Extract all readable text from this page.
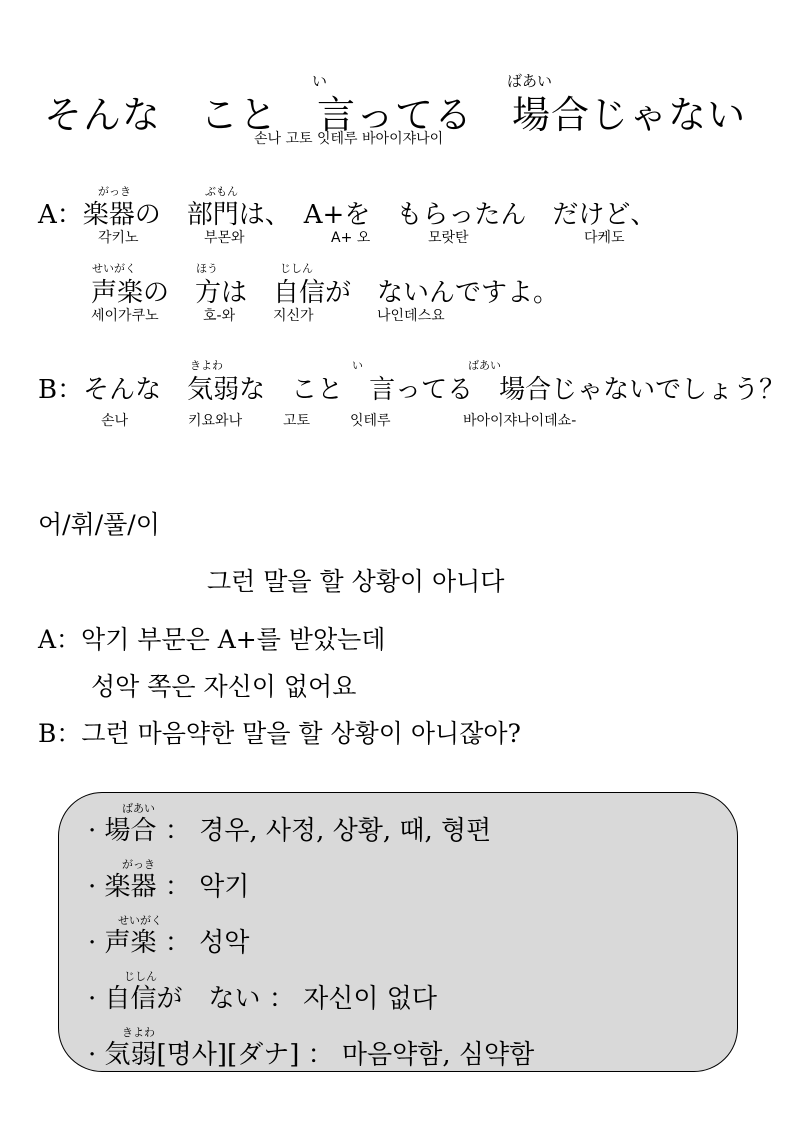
い	ばあい
そんな　こと　言ってる　場合じゃない
손나 고토 잇테루 바아이쟈나이
がっき	ぶもん
A：楽器の　部門は、　A+を　もらったん　だけど、
각키노	부몬와	A+ 오	모랏탄	다케도
せいがく	ほう	じしん
声楽の　方は　自信が　ないんですよ。
세이가쿠노	호-와	지신가	나인데스요
きよわ	い	ばあい
B：そんな　気弱な　こと　言ってる　場合じゃないでしょう？
손나	키요와나	고토	잇테루	바아이쟈나이데쇼-
어/휘/풀/이
그런 말을 할 상황이 아니다
A：악기 부문은 A+를 받았는데
성악 쪽은 자신이 없어요
B：그런 마음약한 말을 할 상황이 아니잖아?
ばあい
· 場合 ： 경우, 사정, 상황, 때, 형편
がっき
· 楽器 ： 악기
せいがく
· 声楽 ： 성악
じしん
· 自信が　ない ： 자신이 없다
きよわ
· 気弱[명사][ダナ] ： 마음약함, 심약함
